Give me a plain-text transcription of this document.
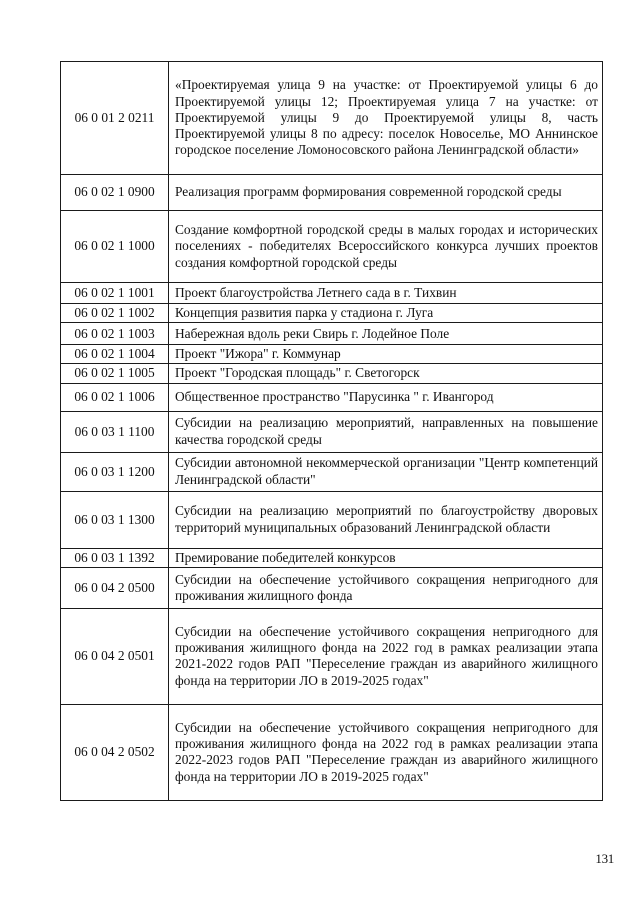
06 0 01 2 0211	«Проектируемая улица 9 на участке: от Проектируемой улицы 6 до Проектируемой улицы 12; Проектируемая улица 7 на участке: от Проектируемой улицы 9 до Проектируемой улицы 8, часть Проектируемой улицы 8 по адресу: поселок Новоселье, МО Аннинское городское поселение Ломоносовского района Ленинградской области»
06 0 02 1 0900	Реализация программ формирования современной городской среды
06 0 02 1 1000	Создание комфортной городской среды в малых городах и исторических поселениях - победителях Всероссийского конкурса лучших проектов создания комфортной городской среды
06 0 02 1 1001	Проект благоустройства Летнего сада в г. Тихвин
06 0 02 1 1002	Концепция развития парка у стадиона г. Луга
06 0 02 1 1003	Набережная вдоль реки Свирь г. Лодейное Поле
06 0 02 1 1004	Проект "Ижора" г. Коммунар
06 0 02 1 1005	Проект "Городская площадь" г. Светогорск
06 0 02 1 1006	Общественное пространство "Парусинка " г. Ивангород
06 0 03 1 1100	Субсидии на реализацию мероприятий, направленных на повышение качества городской среды
06 0 03 1 1200	Субсидии автономной некоммерческой организации "Центр компетенций Ленинградской области"
06 0 03 1 1300	Субсидии на реализацию мероприятий по благоустройству дворовых территорий муниципальных образований Ленинградской области
06 0 03 1 1392	Премирование победителей конкурсов
06 0 04 2 0500	Субсидии на обеспечение устойчивого сокращения непригодного для проживания жилищного фонда
06 0 04 2 0501	Субсидии на обеспечение устойчивого сокращения непригодного для проживания жилищного фонда на 2022 год в рамках реализации этапа 2021-2022 годов РАП "Переселение граждан из аварийного жилищного фонда на территории ЛО в 2019-2025 годах"
06 0 04 2 0502	Субсидии на обеспечение устойчивого сокращения непригодного для проживания жилищного фонда на 2022 год в рамках реализации этапа 2022-2023 годов РАП "Переселение граждан из аварийного жилищного фонда на территории ЛО в 2019-2025 годах"
131
